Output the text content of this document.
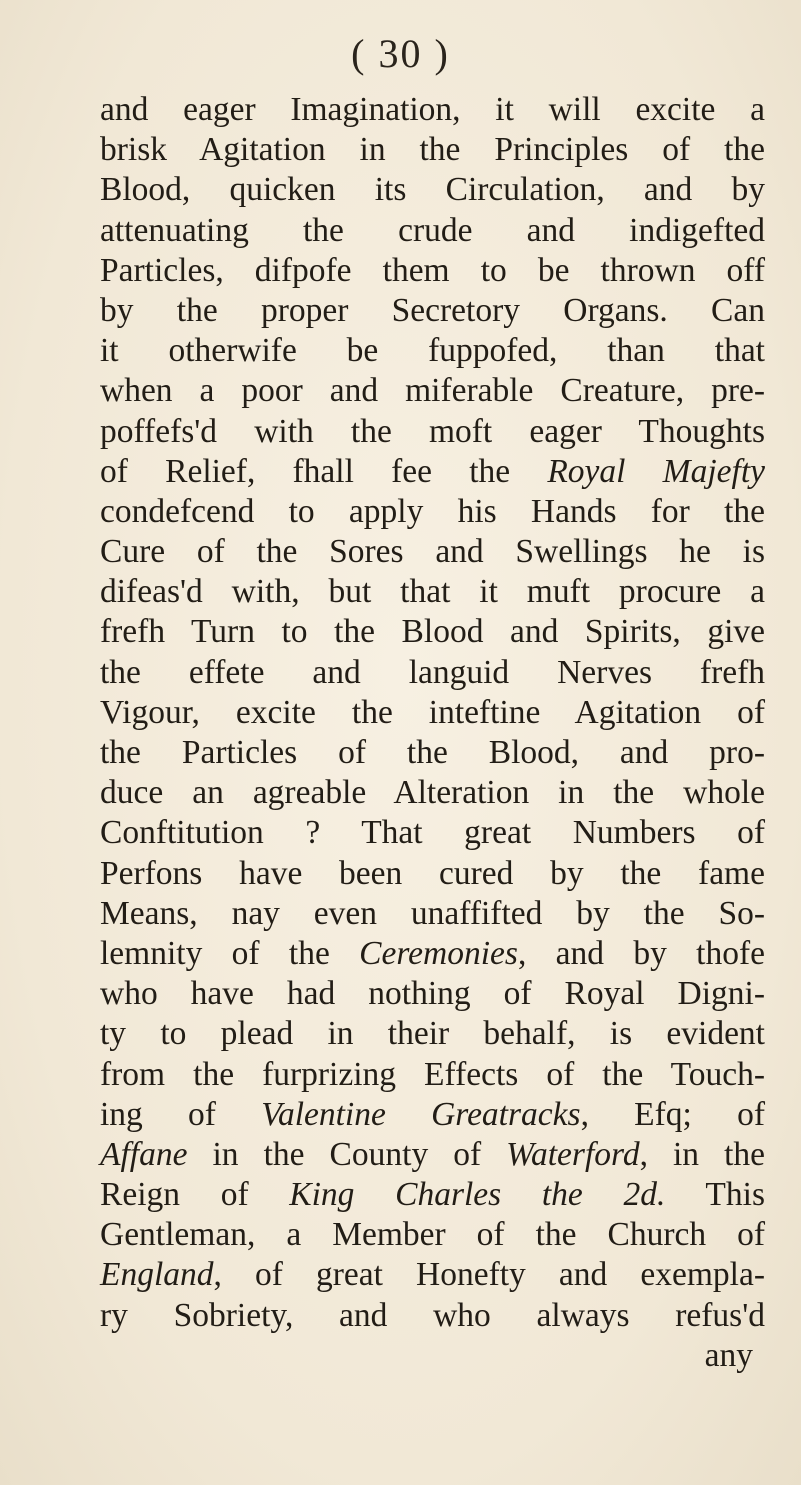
( 30 )
and eager Imagination, it will excite a
brisk Agitation in the Principles of the
Blood, quicken its Circulation, and by
attenuating the crude and indigefted
Particles, difpofe them to be thrown off
by the proper Secretory Organs. Can
it otherwife be fuppofed, than that
when a poor and miferable Creature, pre-
poffefs'd with the moft eager Thoughts
of Relief, fhall fee the Royal Majefty
condefcend to apply his Hands for the
Cure of the Sores and Swellings he is
difeas'd with, but that it muft procure a
frefh Turn to the Blood and Spirits, give
the effete and languid Nerves frefh
Vigour, excite the inteftine Agitation of
the Particles of the Blood, and pro-
duce an agreable Alteration in the whole
Conftitution ? That great Numbers of
Perfons have been cured by the fame
Means, nay even unaffifted by the So-
lemnity of the Ceremonies, and by thofe
who have had nothing of Royal Digni-
ty to plead in their behalf, is evident
from the furprizing Effects of the Touch-
ing of Valentine Greatracks, Efq; of
Affane in the County of Waterford, in the
Reign of King Charles the 2d. This
Gentleman, a Member of the Church of
England, of great Honefty and exempla-
ry Sobriety, and who always refus'd
any
